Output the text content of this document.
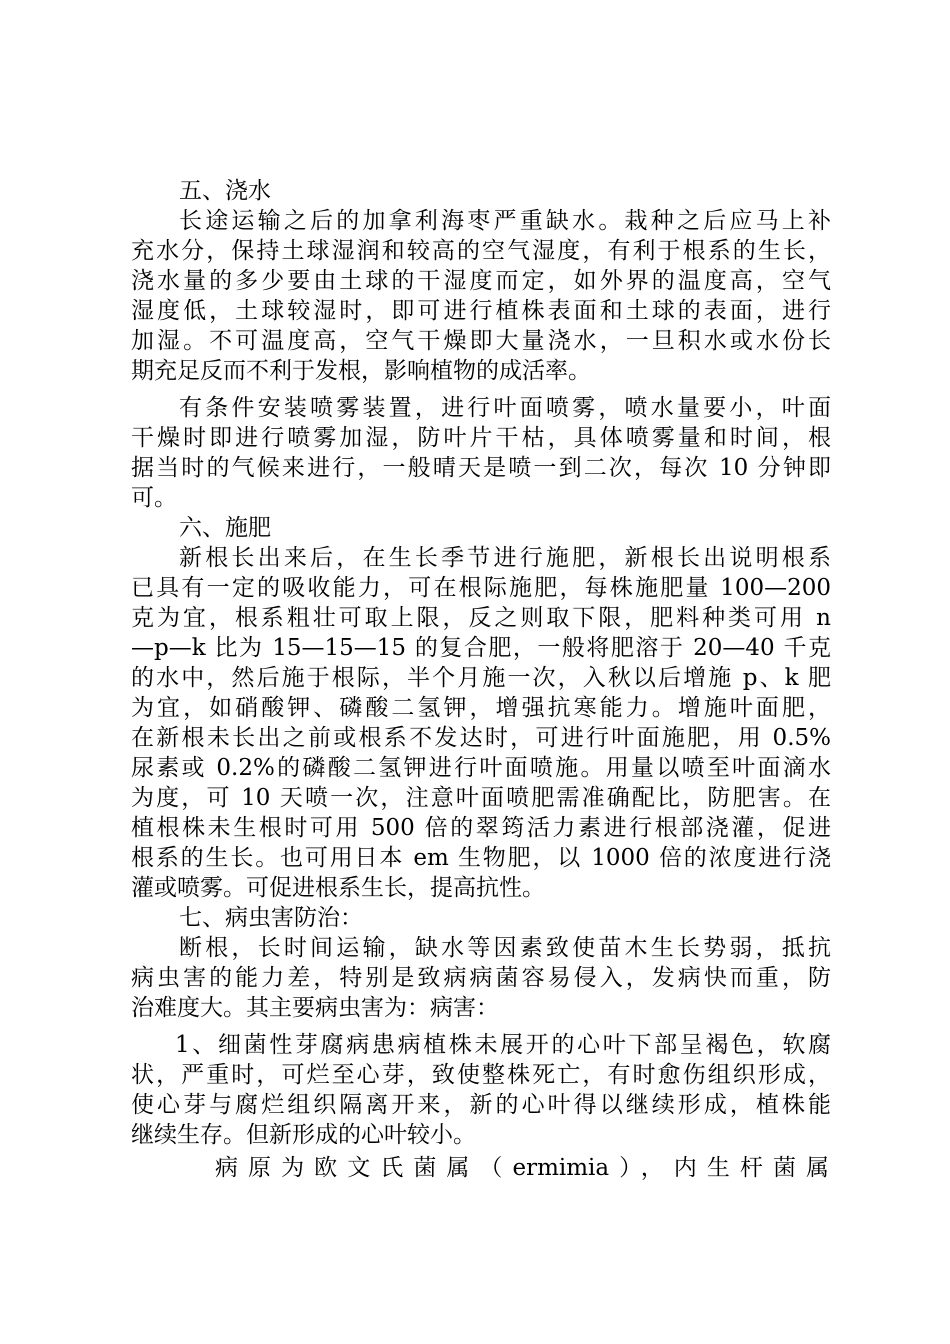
五、浇水
长途运输之后的加拿利海枣严重缺水。栽种之后应马上补
充水分，保持土球湿润和较高的空气湿度，有利于根系的生长，
浇水量的多少要由土球的干湿度而定，如外界的温度高，空气
湿度低，土球较湿时，即可进行植株表面和土球的表面，进行
加湿。不可温度高，空气干燥即大量浇水，一旦积水或水份长
期充足反而不利于发根，影响植物的成活率。
有条件安装喷雾装置，进行叶面喷雾，喷水量要小，叶面
干燥时即进行喷雾加湿，防叶片干枯，具体喷雾量和时间，根
据当时的气候来进行，一般晴天是喷一到二次，每次 10 分钟即
可。
六、施肥
新根长出来后，在生长季节进行施肥，新根长出说明根系
已具有一定的吸收能力，可在根际施肥，每株施肥量 100—200
克为宜，根系粗壮可取上限，反之则取下限，肥料种类可用 n
—p—k 比为 15—15—15 的复合肥，一般将肥溶于 20—40 千克
的水中，然后施于根际，半个月施一次，入秋以后增施 p、k 肥
为宜，如硝酸钾、磷酸二氢钾，增强抗寒能力。增施叶面肥，
在新根未长出之前或根系不发达时，可进行叶面施肥，用 0.5%
尿素或 0.2%的磷酸二氢钾进行叶面喷施。用量以喷至叶面滴水
为度，可 10 天喷一次，注意叶面喷肥需准确配比，防肥害。在
植根株未生根时可用 500 倍的翠筠活力素进行根部浇灌，促进
根系的生长。也可用日本 em 生物肥，以 1000 倍的浓度进行浇
灌或喷雾。可促进根系生长，提高抗性。
七、病虫害防治：
断根，长时间运输，缺水等因素致使苗木生长势弱，抵抗
病虫害的能力差，特别是致病病菌容易侵入，发病快而重，防
治难度大。其主要病虫害为：病害：
1、细菌性芽腐病患病植株未展开的心叶下部呈褐色，软腐
状，严重时，可烂至心芽，致使整株死亡，有时愈伤组织形成，
使心芽与腐烂组织隔离开来，新的心叶得以继续形成，植株能
继续生存。但新形成的心叶较小。
病原为欧文氏菌属（ermimia），内生杆菌属
